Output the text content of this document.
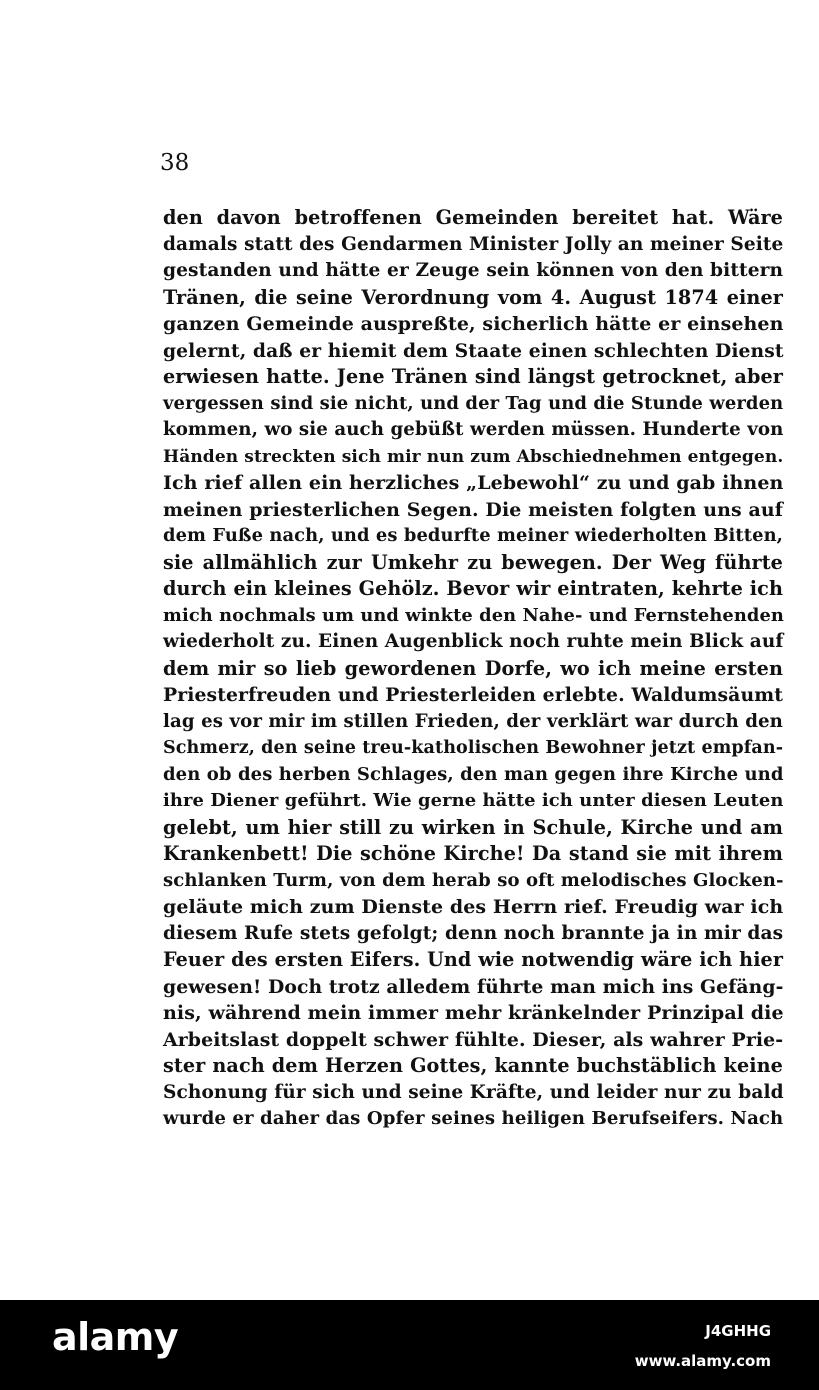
38
den davon betroffenen Gemeinden bereitet hat. Wäre
damals statt des Gendarmen Minister Jolly an meiner Seite
gestanden und hätte er Zeuge sein können von den bittern
Tränen, die seine Verordnung vom 4. August 1874 einer
ganzen Gemeinde auspreßte, sicherlich hätte er einsehen
gelernt, daß er hiemit dem Staate einen schlechten Dienst
erwiesen hatte. Jene Tränen sind längst getrocknet, aber
vergessen sind sie nicht, und der Tag und die Stunde werden
kommen, wo sie auch gebüßt werden müssen. Hunderte von
Händen streckten sich mir nun zum Abschiednehmen entgegen.
Ich rief allen ein herzliches „Lebewohl“ zu und gab ihnen
meinen priesterlichen Segen. Die meisten folgten uns auf
dem Fuße nach, und es bedurfte meiner wiederholten Bitten,
sie allmählich zur Umkehr zu bewegen. Der Weg führte
durch ein kleines Gehölz. Bevor wir eintraten, kehrte ich
mich nochmals um und winkte den Nahe- und Fernstehenden
wiederholt zu. Einen Augenblick noch ruhte mein Blick auf
dem mir so lieb gewordenen Dorfe, wo ich meine ersten
Priesterfreuden und Priesterleiden erlebte. Waldumsäumt
lag es vor mir im stillen Frieden, der verklärt war durch den
Schmerz, den seine treu-katholischen Bewohner jetzt empfan-
den ob des herben Schlages, den man gegen ihre Kirche und
ihre Diener geführt. Wie gerne hätte ich unter diesen Leuten
gelebt, um hier still zu wirken in Schule, Kirche und am
Krankenbett! Die schöne Kirche! Da stand sie mit ihrem
schlanken Turm, von dem herab so oft melodisches Glocken-
geläute mich zum Dienste des Herrn rief. Freudig war ich
diesem Rufe stets gefolgt; denn noch brannte ja in mir das
Feuer des ersten Eifers. Und wie notwendig wäre ich hier
gewesen! Doch trotz alledem führte man mich ins Gefäng-
nis, während mein immer mehr kränkelnder Prinzipal die
Arbeitslast doppelt schwer fühlte. Dieser, als wahrer Prie-
ster nach dem Herzen Gottes, kannte buchstäblich keine
Schonung für sich und seine Kräfte, und leider nur zu bald
wurde er daher das Opfer seines heiligen Berufseifers. Nach
alamy	J4GHHG
www.alamy.com
